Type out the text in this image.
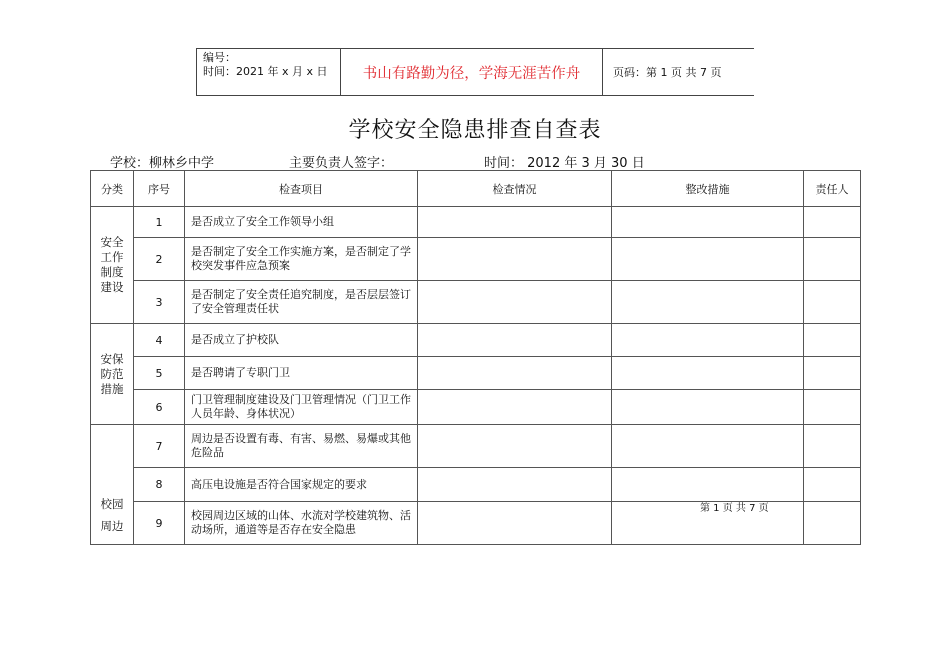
编号：
时间：2021 年 x 月 x 日	书山有路勤为径，学海无涯苦作舟	页码：第 1 页 共 7 页
学校安全隐患排查自查表
学校：柳林乡中学	主要负责人签字：	时间： 2012 年 3 月 30 日
分类	序号	检查项目	检查情况	整改措施	责任人
安全
工作
制度
建设	1	是否成立了安全工作领导小组			
	2	是否制定了安全工作实施方案，是否制定了学校突发事件应急预案			
	3	是否制定了安全责任追究制度，是否层层签订了安全管理责任状			
安保
防范
措施	4	是否成立了护校队			
	5	是否聘请了专职门卫			
	6	门卫管理制度建设及门卫管理情况（门卫工作人员年龄、身体状况）			
校园
周边	7	周边是否设置有毒、有害、易燃、易爆或其他危险品			
	8	高压电设施是否符合国家规定的要求			
	9	校园周边区域的山体、水流对学校建筑物、活动场所，通道等是否存在安全隐患		第 1 页 共 7 页	
